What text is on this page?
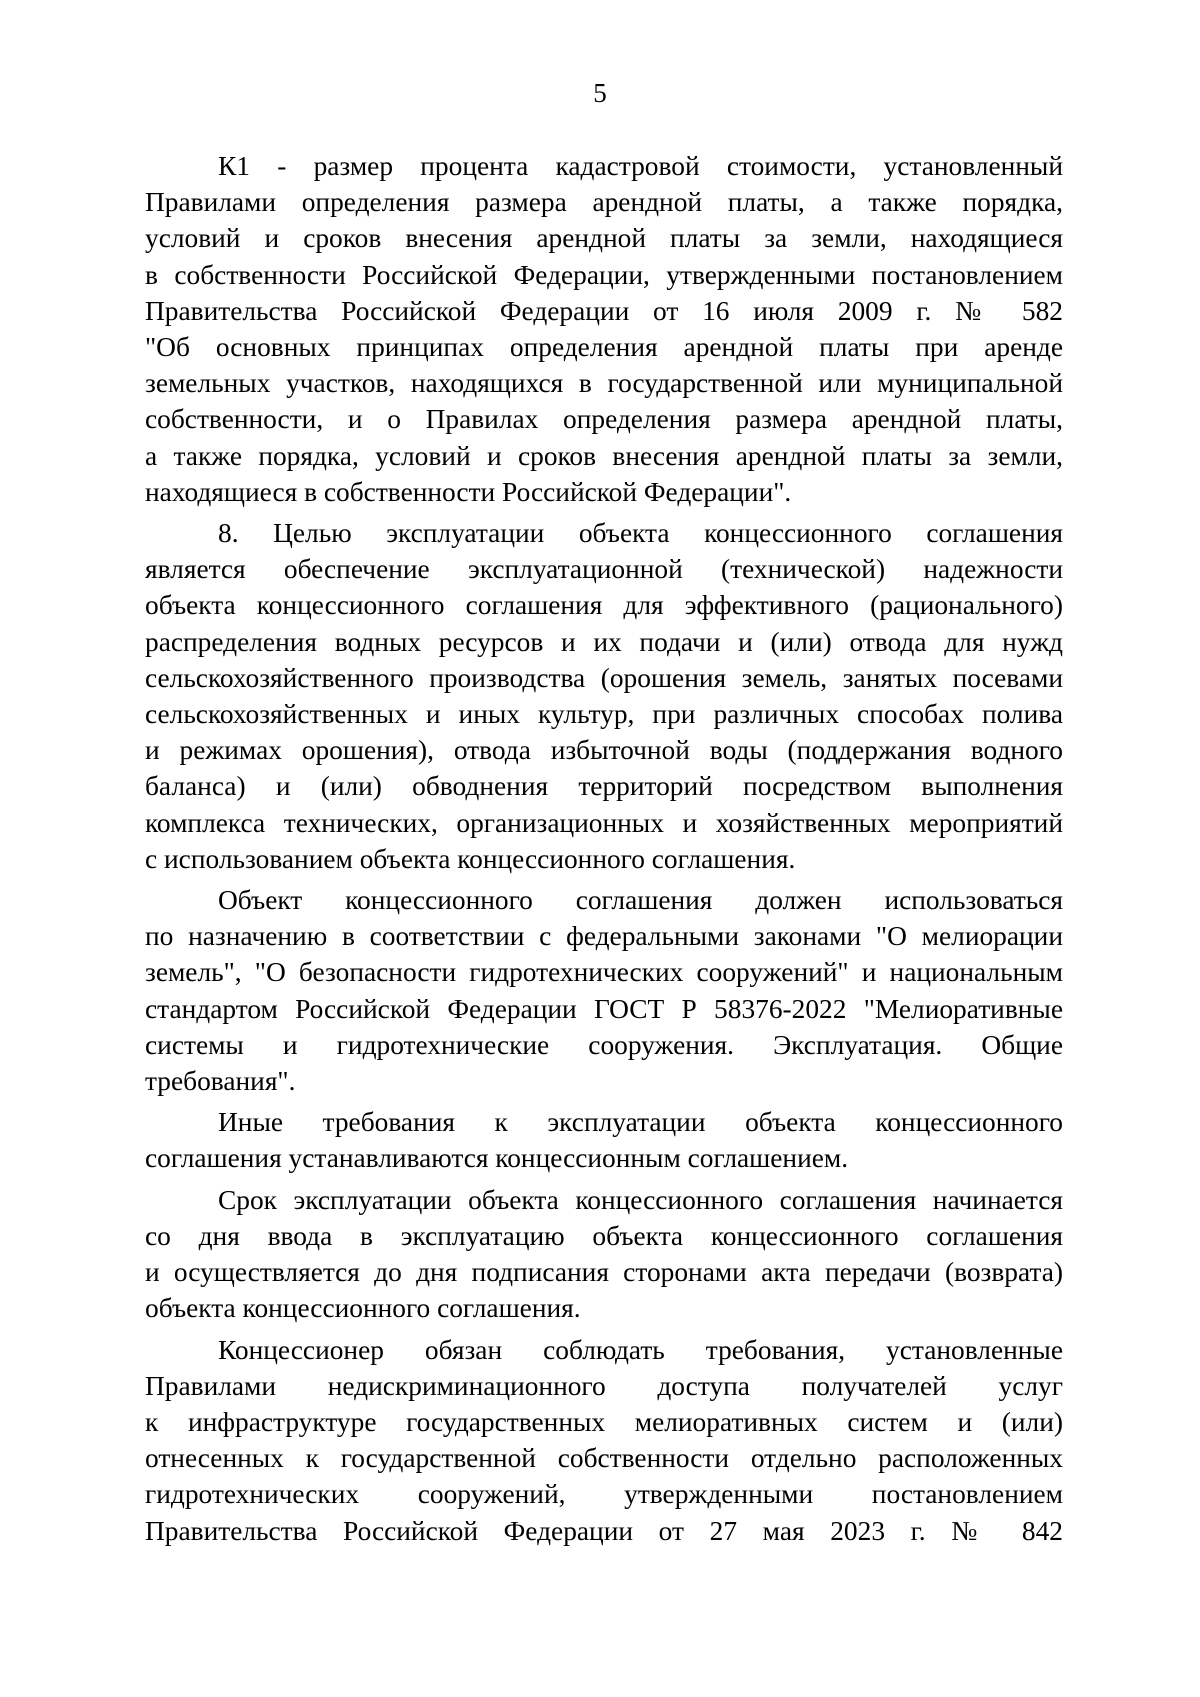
5
К1 - размер процента кадастровой стоимости, установленный
Правилами определения размера арендной платы, а также порядка,
условий и сроков внесения арендной платы за земли, находящиеся
в собственности Российской Федерации, утвержденными постановлением
Правительства Российской Федерации от 16 июля 2009 г. № 582
"Об основных принципах определения арендной платы при аренде
земельных участков, находящихся в государственной или муниципальной
собственности, и о Правилах определения размера арендной платы,
а также порядка, условий и сроков внесения арендной платы за земли,
находящиеся в собственности Российской Федерации".
8. Целью эксплуатации объекта концессионного соглашения
является обеспечение эксплуатационной (технической) надежности
объекта концессионного соглашения для эффективного (рационального)
распределения водных ресурсов и их подачи и (или) отвода для нужд
сельскохозяйственного производства (орошения земель, занятых посевами
сельскохозяйственных и иных культур, при различных способах полива
и режимах орошения), отвода избыточной воды (поддержания водного
баланса) и (или) обводнения территорий посредством выполнения
комплекса технических, организационных и хозяйственных мероприятий
с использованием объекта концессионного соглашения.
Объект концессионного соглашения должен использоваться
по назначению в соответствии с федеральными законами "О мелиорации
земель", "О безопасности гидротехнических сооружений" и национальным
стандартом Российской Федерации ГОСТ Р 58376-2022 "Мелиоративные
системы и гидротехнические сооружения. Эксплуатация. Общие
требования".
Иные требования к эксплуатации объекта концессионного
соглашения устанавливаются концессионным соглашением.
Срок эксплуатации объекта концессионного соглашения начинается
со дня ввода в эксплуатацию объекта концессионного соглашения
и осуществляется до дня подписания сторонами акта передачи (возврата)
объекта концессионного соглашения.
Концессионер обязан соблюдать требования, установленные
Правилами недискриминационного доступа получателей услуг
к инфраструктуре государственных мелиоративных систем и (или)
отнесенных к государственной собственности отдельно расположенных
гидротехнических сооружений, утвержденными постановлением
Правительства Российской Федерации от 27 мая 2023 г. № 842
